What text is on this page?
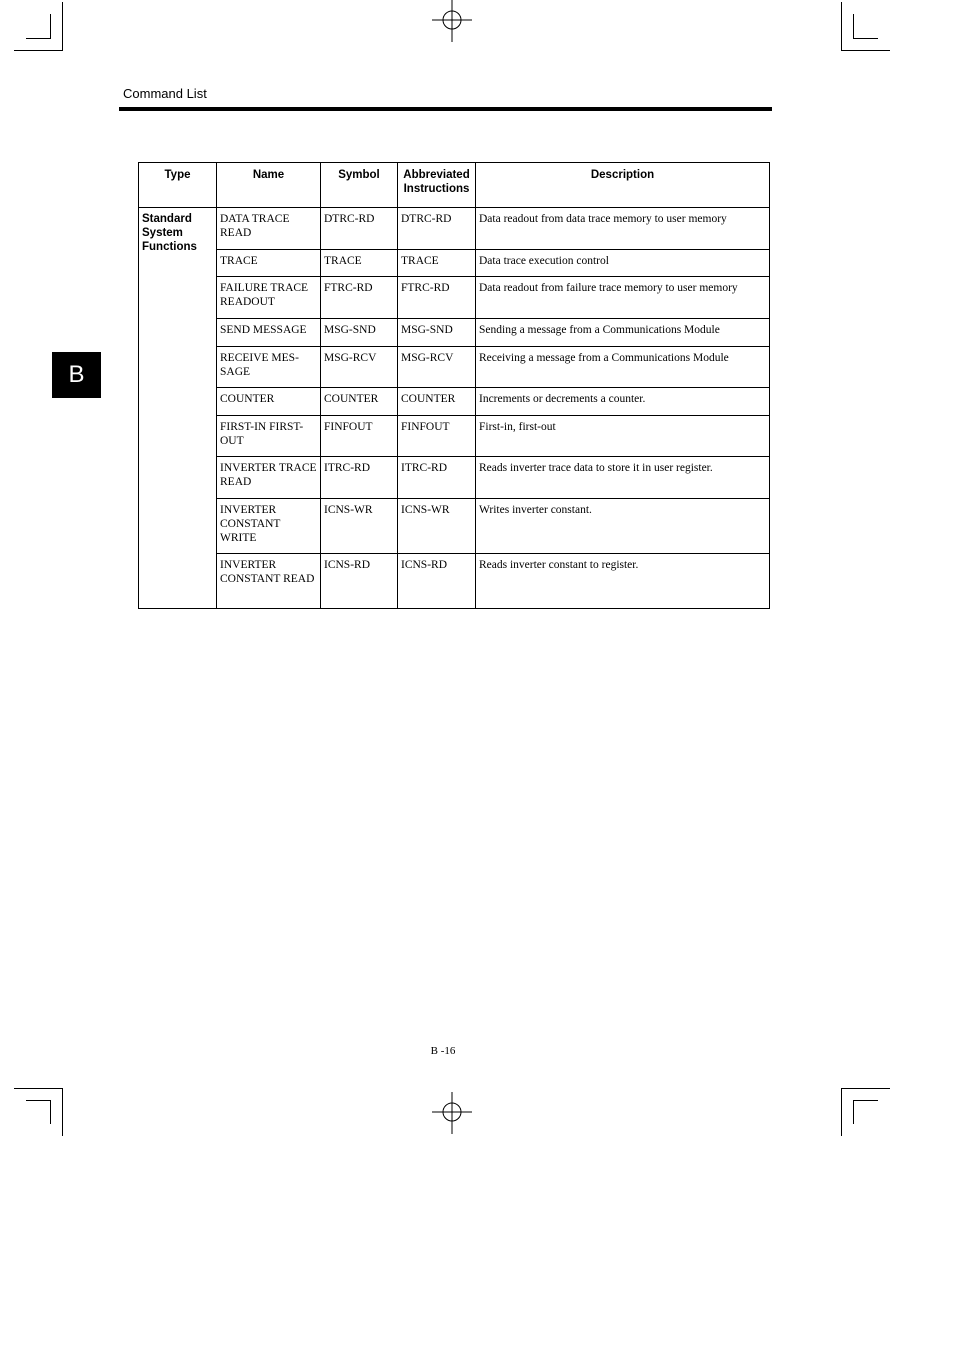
Command List
B
Type	Name	Symbol	Abbreviated Instructions	Description
Standard System Functions	DATA TRACE READ	DTRC-RD	DTRC-RD	Data readout from data trace memory to user memory
	TRACE	TRACE	TRACE	Data trace execution control
	FAILURE TRACE READOUT	FTRC-RD	FTRC-RD	Data readout from failure trace memory to user memory
	SEND MESSAGE	MSG-SND	MSG-SND	Sending a message from a Communications Module
	RECEIVE MES-SAGE	MSG-RCV	MSG-RCV	Receiving a message from a Communications Module
	COUNTER	COUNTER	COUNTER	Increments or decrements a counter.
	FIRST-IN FIRST-OUT	FINFOUT	FINFOUT	First-in, first-out
	INVERTER TRACE READ	ITRC-RD	ITRC-RD	Reads inverter trace data to store it in user register.
	INVERTER CONSTANT WRITE	ICNS-WR	ICNS-WR	Writes inverter constant.
	INVERTER CONSTANT READ	ICNS-RD	ICNS-RD	Reads inverter constant to register.
B -16
